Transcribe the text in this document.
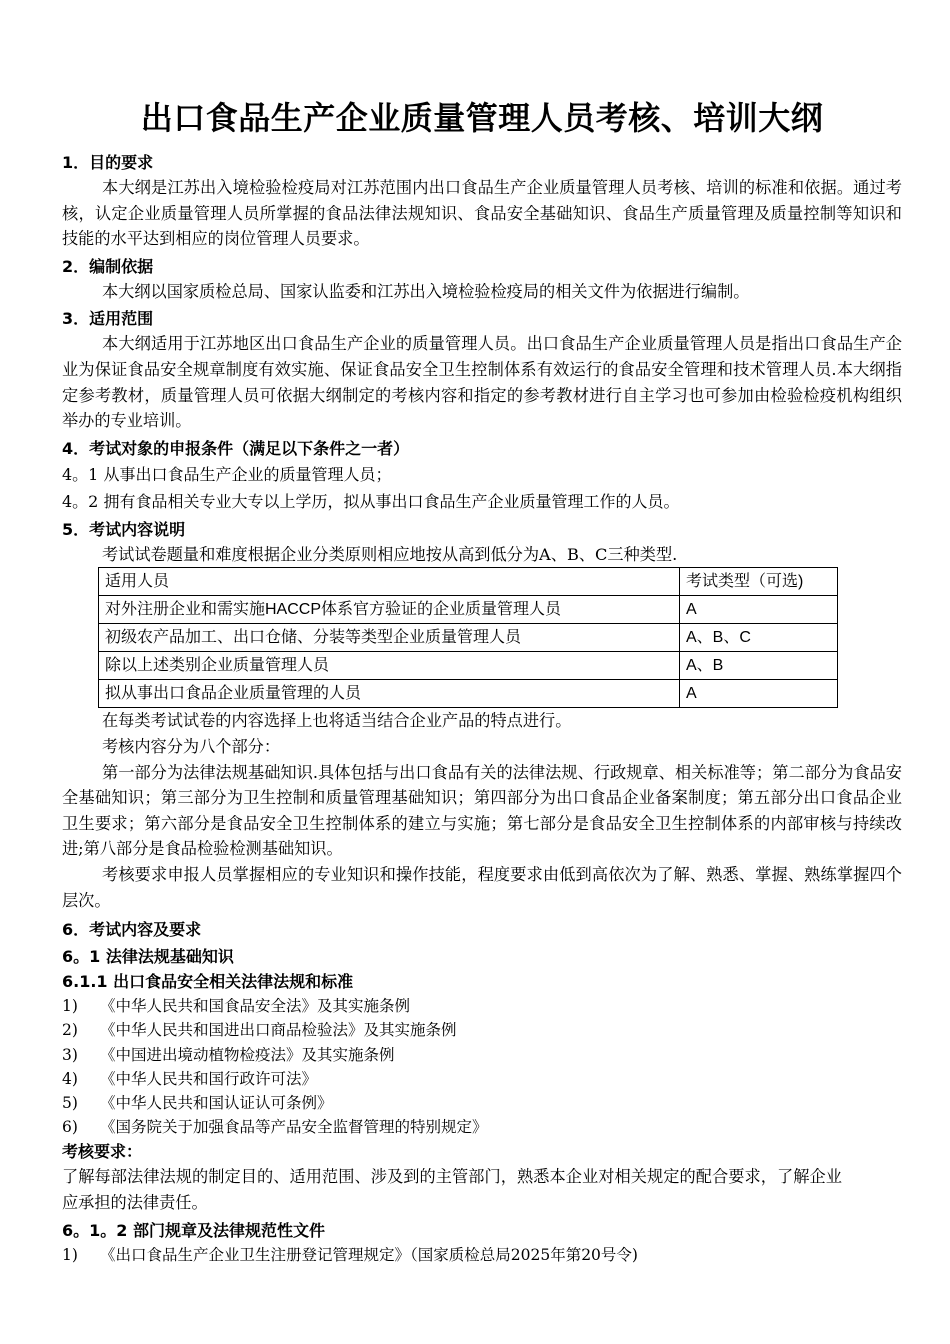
出口食品生产企业质量管理人员考核、培训大纲

1．目的要求

本大纲是江苏出入境检验检疫局对江苏范围内出口食品生产企业质量管理人员考核、培训的标准和依据。通过考核，认定企业质量管理人员所掌握的食品法律法规知识、食品安全基础知识、食品生产质量管理及质量控制等知识和技能的水平达到相应的岗位管理人员要求。

2．编制依据

本大纲以国家质检总局、国家认监委和江苏出入境检验检疫局的相关文件为依据进行编制。

3．适用范围

本大纲适用于江苏地区出口食品生产企业的质量管理人员。出口食品生产企业质量管理人员是指出口食品生产企业为保证食品安全规章制度有效实施、保证食品安全卫生控制体系有效运行的食品安全管理和技术管理人员.本大纲指定参考教材，质量管理人员可依据大纲制定的考核内容和指定的参考教材进行自主学习也可参加由检验检疫机构组织举办的专业培训。

4．考试对象的申报条件（满足以下条件之一者）

4。1 从事出口食品生产企业的质量管理人员；

4。2 拥有食品相关专业大专以上学历，拟从事出口食品生产企业质量管理工作的人员。

5．考试内容说明

考试试卷题量和难度根据企业分类原则相应地按从高到低分为A、B、C三种类型.

适用人员	考试类型（可选)
对外注册企业和需实施HACCP体系官方验证的企业质量管理人员	A
初级农产品加工、出口仓储、分装等类型企业质量管理人员	A、B、C
除以上述类别企业质量管理人员	A、B
拟从事出口食品企业质量管理的人员	A

在每类考试试卷的内容选择上也将适当结合企业产品的特点进行。

考核内容分为八个部分：

第一部分为法律法规基础知识.具体包括与出口食品有关的法律法规、行政规章、相关标准等；第二部分为食品安全基础知识；第三部分为卫生控制和质量管理基础知识；第四部分为出口食品企业备案制度；第五部分出口食品企业卫生要求；第六部分是食品安全卫生控制体系的建立与实施；第七部分是食品安全卫生控制体系的内部审核与持续改进;第八部分是食品检验检测基础知识。

考核要求申报人员掌握相应的专业知识和操作技能，程度要求由低到高依次为了解、熟悉、掌握、熟练掌握四个层次。

6．考试内容及要求

6。1 法律法规基础知识

6.1.1 出口食品安全相关法律法规和标准

1) 《中华人民共和国食品安全法》及其实施条例
2) 《中华人民共和国进出口商品检验法》及其实施条例
3) 《中国进出境动植物检疫法》及其实施条例
4) 《中华人民共和国行政许可法》
5) 《中华人民共和国认证认可条例》
6) 《国务院关于加强食品等产品安全监督管理的特别规定》

考核要求：

了解每部法律法规的制定目的、适用范围、涉及到的主管部门，熟悉本企业对相关规定的配合要求，了解企业应承担的法律责任。

6。1。2 部门规章及法律规范性文件

1) 《出口食品生产企业卫生注册登记管理规定》（国家质检总局2025年第20号令)
